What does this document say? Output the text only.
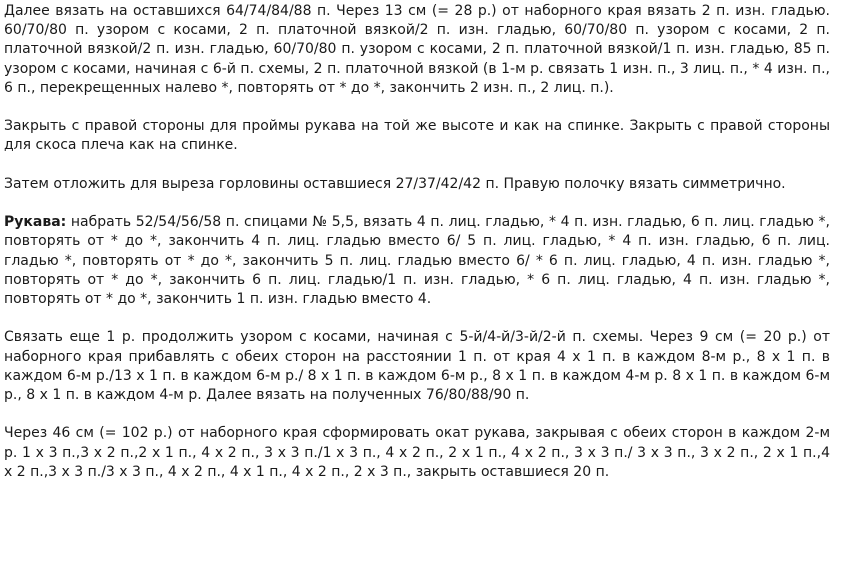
Далее вязать на оставшихся 64/74/84/88 п. Через 13 см (= 28 р.) от наборного края вязать 2 п. изн. гладью. 60/70/80 п. узором с косами, 2 п. платочной вязкой/2 п. изн. гладью, 60/70/80 п. узором с косами, 2 п. платочной вязкой/2 п. изн. гладью, 60/70/80 п. узором с косами, 2 п. платочной вязкой/1 п. изн. гладью, 85 п. узором с косами, начиная с 6-й п. схемы, 2 п. платочной вязкой (в 1-м р. связать 1 изн. п., 3 лиц. п., * 4 изн. п., 6 п., перекрещенных налево *, повторять от * до *, закончить 2 изн. п., 2 лиц. п.).

Закрыть с правой стороны для проймы рукава на той же высоте и как на спинке. Закрыть с правой стороны для скоса плеча как на спинке.

Затем отложить для выреза горловины оставшиеся 27/37/42/42 п. Правую полочку вязать симметрично.

Рукава: набрать 52/54/56/58 п. спицами № 5,5, вязать 4 п. лиц. гладью, * 4 п. изн. гладью, 6 п. лиц. гладью *, повторять от * до *, закончить 4 п. лиц. гладью вместо 6/ 5 п. лиц. гладью, * 4 п. изн. гладью, 6 п. лиц. гладью *, повторять от * до *, закончить 5 п. лиц. гладью вместо 6/ * 6 п. лиц. гладью, 4 п. изн. гладью *, повторять от * до *, закончить 6 п. лиц. гладью/1 п. изн. гладью, * 6 п. лиц. гладью, 4 п. изн. гладью *, повторять от * до *, закончить 1 п. изн. гладью вместо 4.

Связать еще 1 р. продолжить узором с косами, начиная с 5-й/4-й/3-й/2-й п. схемы. Через 9 см (= 20 р.) от наборного края прибавлять с обеих сторон на расстоянии 1 п. от края 4 х 1 п. в каждом 8-м р., 8 х 1 п. в каждом 6-м р./13 х 1 п. в каждом 6-м р./ 8 х 1 п. в каждом 6-м р., 8 х 1 п. в каждом 4-м р. 8 х 1 п. в каждом 6-м р., 8 х 1 п. в каждом 4-м р. Далее вязать на полученных 76/80/88/90 п.

Через 46 см (= 102 р.) от наборного края сформировать окат рукава, закрывая с обеих сторон в каждом 2-м р. 1 х 3 п.,3 х 2 п.,2 х 1 п., 4 х 2 п., 3 х 3 п./1 х 3 п., 4 х 2 п., 2 х 1 п., 4 х 2 п., 3 х 3 п./ 3 х 3 п., 3 х 2 п., 2 х 1 п.,4 х 2 п.,3 х 3 п./3 х 3 п., 4 х 2 п., 4 х 1 п., 4 х 2 п., 2 х 3 п., закрыть оставшиеся 20 п.
